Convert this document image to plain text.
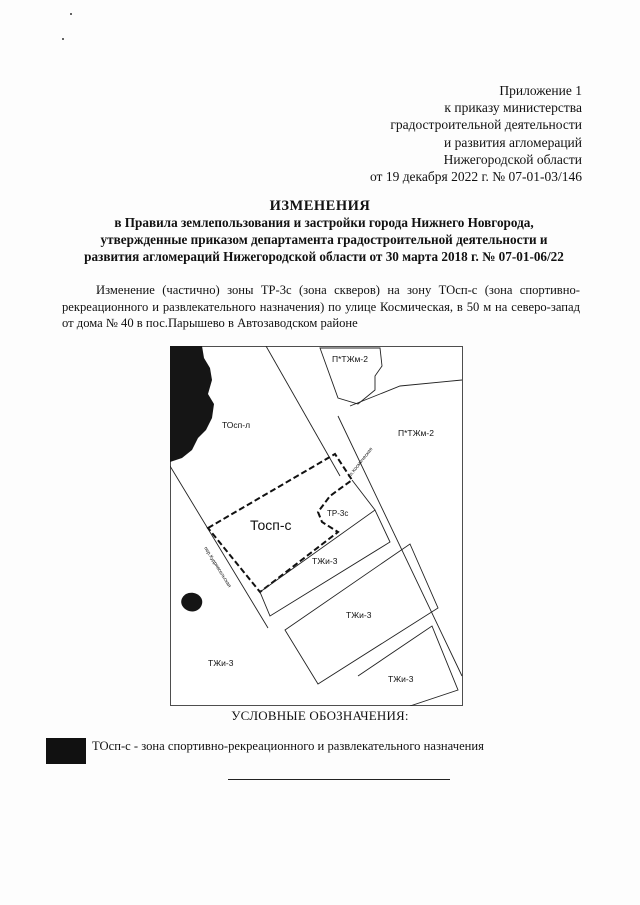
Приложение 1
к приказу министерства
градостроительной деятельности
и развития агломераций
Нижегородской области
от 19 декабря 2022 г. № 07-01-03/146
ИЗМЕНЕНИЯ
в Правила землепользования и застройки города Нижнего Новгорода,
утвержденные приказом департамента градостроительной деятельности и
развития агломераций Нижегородской области от 30 марта 2018 г. № 07-01-06/22
Изменение (частично) зоны ТР-3с (зона скверов) на зону ТОсп-с (зона спортивно-рекреационного и развлекательного назначения) по улице Космическая, в 50 м на северо-запад от дома № 40 в пос.Парышево в Автозаводском районе
П*ТЖм-2
П*ТЖм-2
ТОсп-л
Тосп-с
ТР-3с
ТЖи-3
ТЖи-3
ТЖи-3
ТЖи-3
ул.Космическая
пер.Кудрявсельская
УСЛОВНЫЕ ОБОЗНАЧЕНИЯ:
ТОсп-с - зона спортивно-рекреационного и развлекательного назначения
